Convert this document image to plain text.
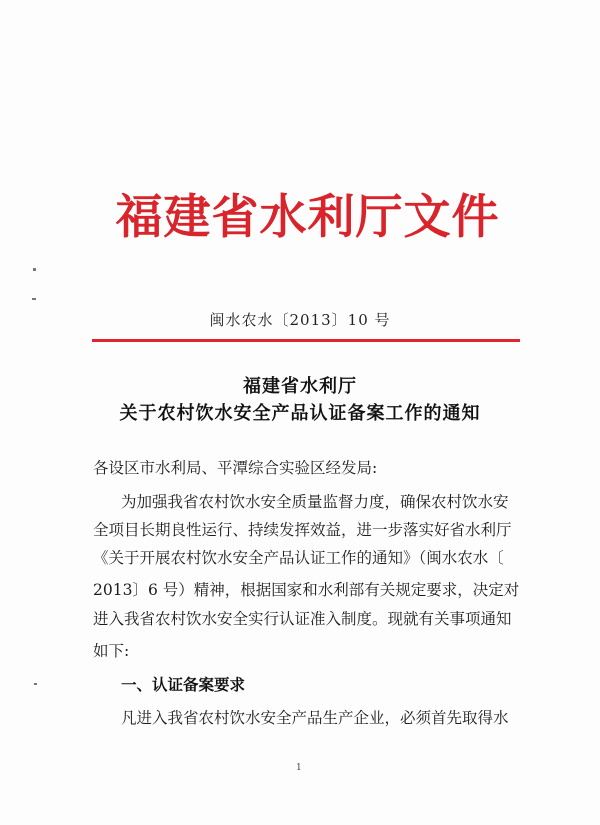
福建省水利厅文件
闽水农水〔2013〕10 号
福建省水利厅
关于农村饮水安全产品认证备案工作的通知
各设区市水利局、平潭综合实验区经发局:
为加强我省农村饮水安全质量监督力度，确保农村饮水安
全项目长期良性运行、持续发挥效益，进一步落实好省水利厅
《关于开展农村饮水安全产品认证工作的通知》（闽水农水〔
2013〕6 号）精神，根据国家和水利部有关规定要求，决定对
进入我省农村饮水安全实行认证准入制度。现就有关事项通知
如下:
一、认证备案要求
凡进入我省农村饮水安全产品生产企业，必须首先取得水
1
